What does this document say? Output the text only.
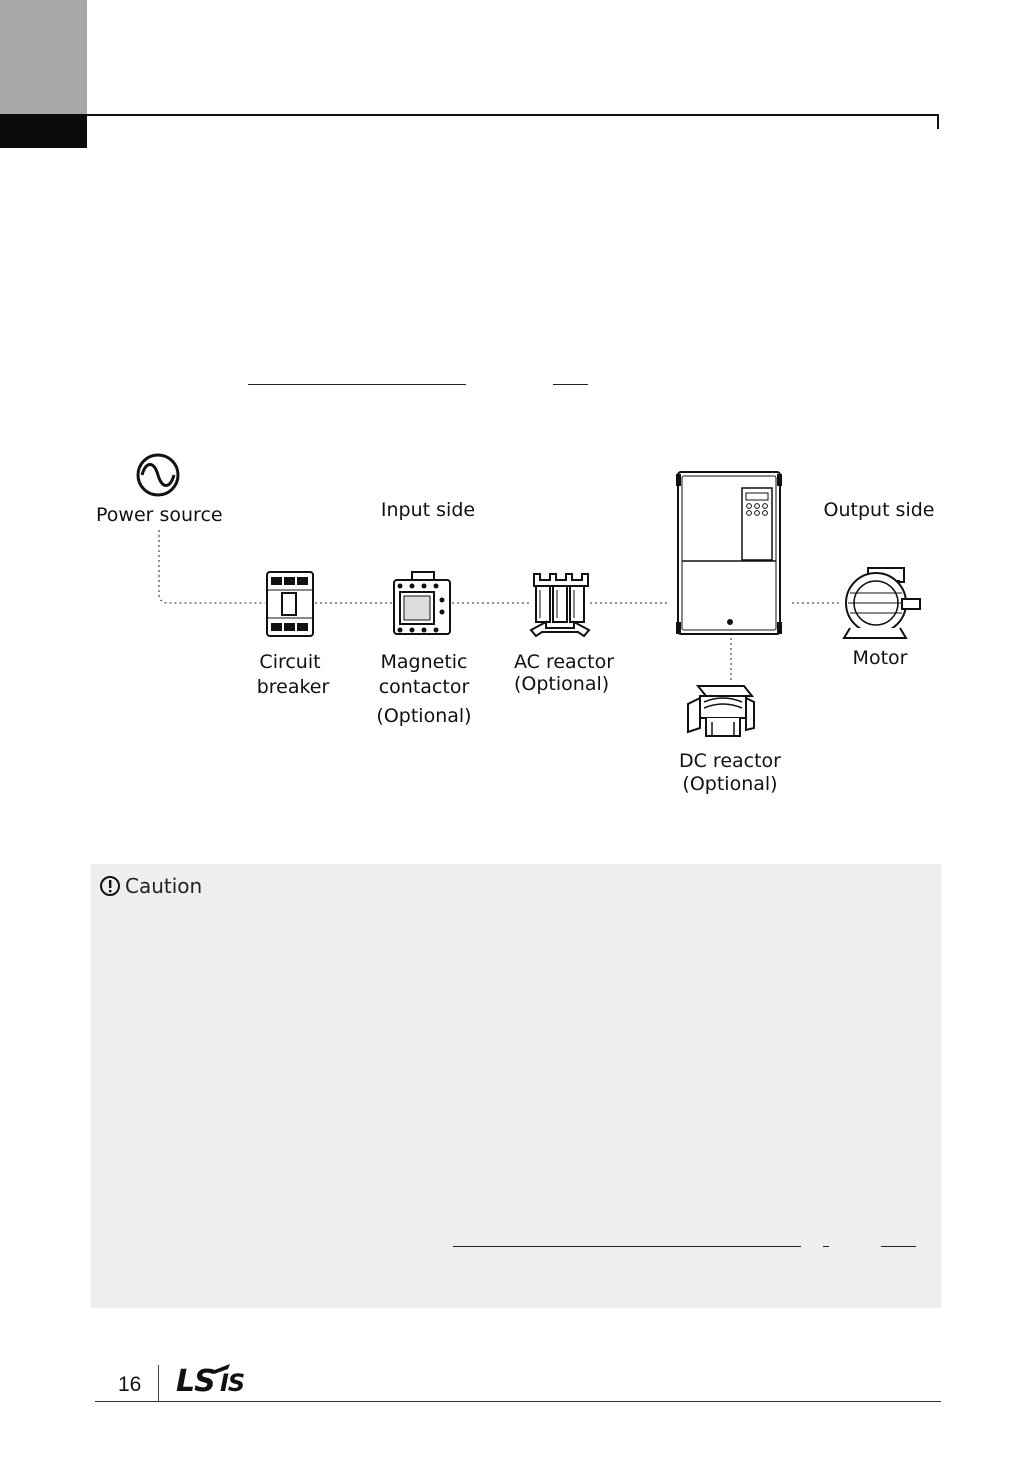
Power source	Input side	Output side
Circuit
breaker
Magnetic
contactor
(Optional)
AC reactor
(Optional)
Motor
DC reactor
(Optional)
Caution
16 LS IS
